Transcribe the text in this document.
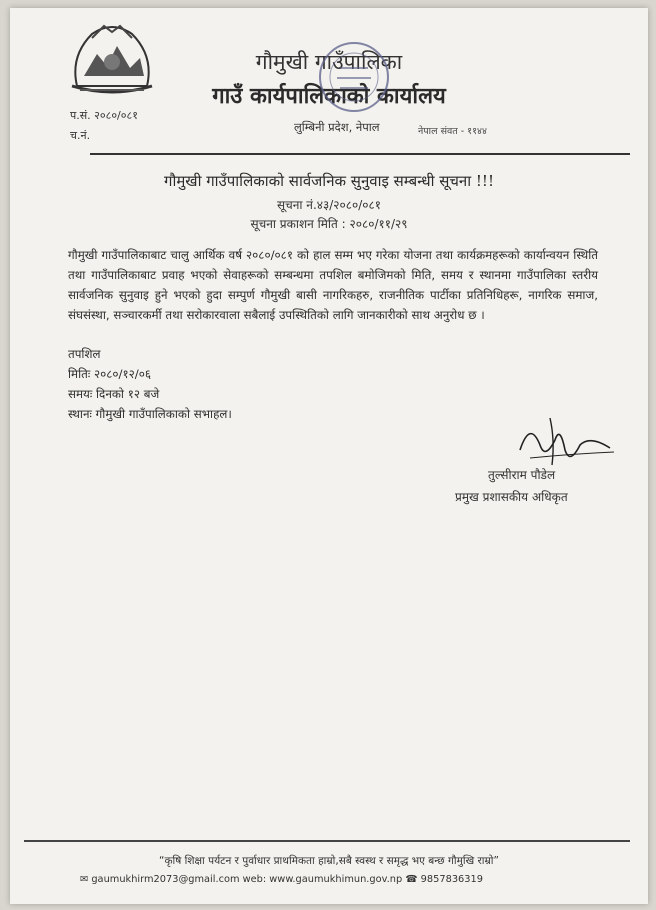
गौमुखी गाउँपालिका
गाउँ कार्यपालिकाको कार्यालय
प.सं. २०८०/०८१
च.नं.
लुम्बिनी प्रदेश, नेपाल	नेपाल संवत - ११४४
गौमुखी गाउँपालिकाको सार्वजनिक सुनुवाइ सम्बन्धी सूचना !!!
सूचना नं.४३/२०८०/०८१
सूचना प्रकाशन मिति : २०८०/११/२९
गौमुखी गाउँपालिकाबाट चालु आर्थिक वर्ष २०८०/०८१ को हाल सम्म भए गरेका योजना तथा कार्यक्रमहरूको कार्यान्वयन स्थिति तथा गाउँपालिकाबाट प्रवाह भएको सेवाहरूको सम्बन्धमा तपशिल बमोजिमको मिति, समय र स्थानमा गाउँपालिका स्तरीय सार्वजनिक सुनुवाइ हुने भएको हुदा सम्पुर्ण गौमुखी बासी नागरिकहरु, राजनीतिक पार्टीका प्रतिनिधिहरू, नागरिक समाज, संघसंस्था, सञ्चारकर्मी तथा सरोकारवाला सबैलाई उपस्थितिको लागि जानकारीको साथ अनुरोध छ ।
तपशिल
मितिः २०८०/१२/०६
समयः दिनको १२ बजे
स्थानः गौमुखी गाउँपालिकाको सभाहल।
तुल्सीराम पौडेल
प्रमुख प्रशासकीय अधिकृत
“कृषि शिक्षा पर्यटन र पुर्वाधार प्राथमिकता हाम्रो,सबै स्वस्थ र समृद्ध भए बन्छ गौमुखि राम्रो”
✉ gaumukhirm2073@gmail.com web: www.gaumukhimun.gov.np ☎ 9857836319
